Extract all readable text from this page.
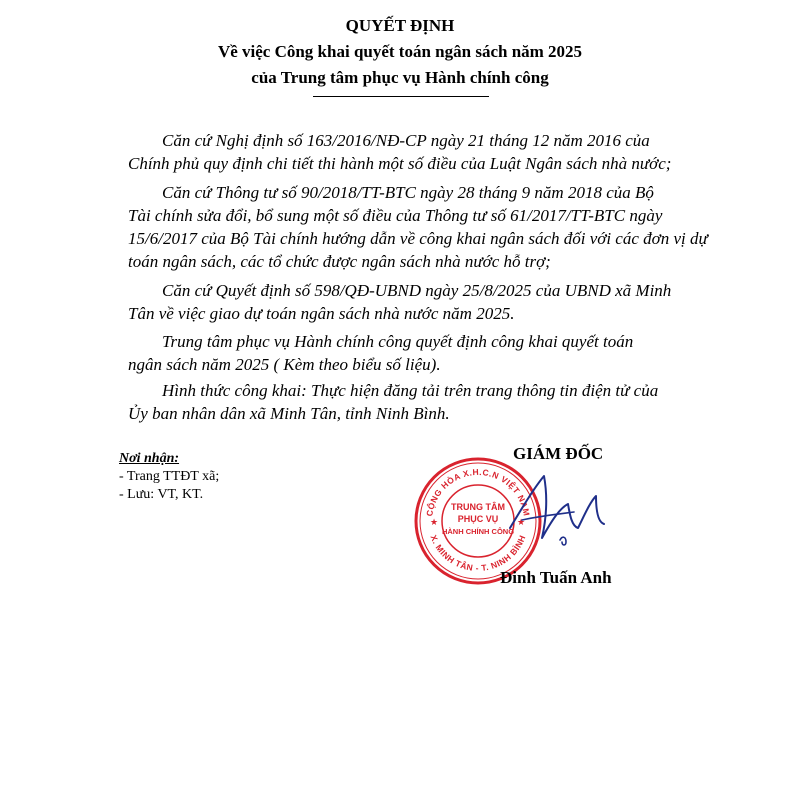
QUYẾT ĐỊNH
Về việc Công khai quyết toán ngân sách năm 2025
của Trung tâm phục vụ Hành chính công
Căn cứ Nghị định số 163/2016/NĐ-CP ngày 21 tháng 12 năm 2016 của
Chính phủ quy định chi tiết thi hành một số điều của Luật Ngân sách nhà nước;
Căn cứ Thông tư số 90/2018/TT-BTC ngày 28 tháng 9 năm 2018 của Bộ
Tài chính sửa đổi, bổ sung một số điều của Thông tư số 61/2017/TT-BTC ngày 15/6/2017 của Bộ Tài chính hướng dẫn về công khai ngân sách đối với các đơn vị dự toán ngân sách, các tổ chức được ngân sách nhà nước hỗ trợ;
Căn cứ Quyết định số 598/QĐ-UBND ngày 25/8/2025 của UBND xã Minh
Tân về việc giao dự toán ngân sách nhà nước năm 2025.
Trung tâm phục vụ Hành chính công quyết định công khai quyết toán
ngân sách năm 2025 ( Kèm theo biểu số liệu).
Hình thức công khai: Thực hiện đăng tải trên trang thông tin điện tử của
Ủy ban nhân dân xã Minh Tân, tỉnh Ninh Bình.
Nơi nhận:
- Trang TTĐT xã;
- Lưu: VT, KT.
GIÁM ĐỐC
CỘNG HÒA X.H.C.N VIỆT NAM
X. MINH TÂN - T. NINH BÌNH
★	★
TRUNG TÂM
PHỤC VỤ
HÀNH CHÍNH CÔNG
Đinh Tuấn Anh
